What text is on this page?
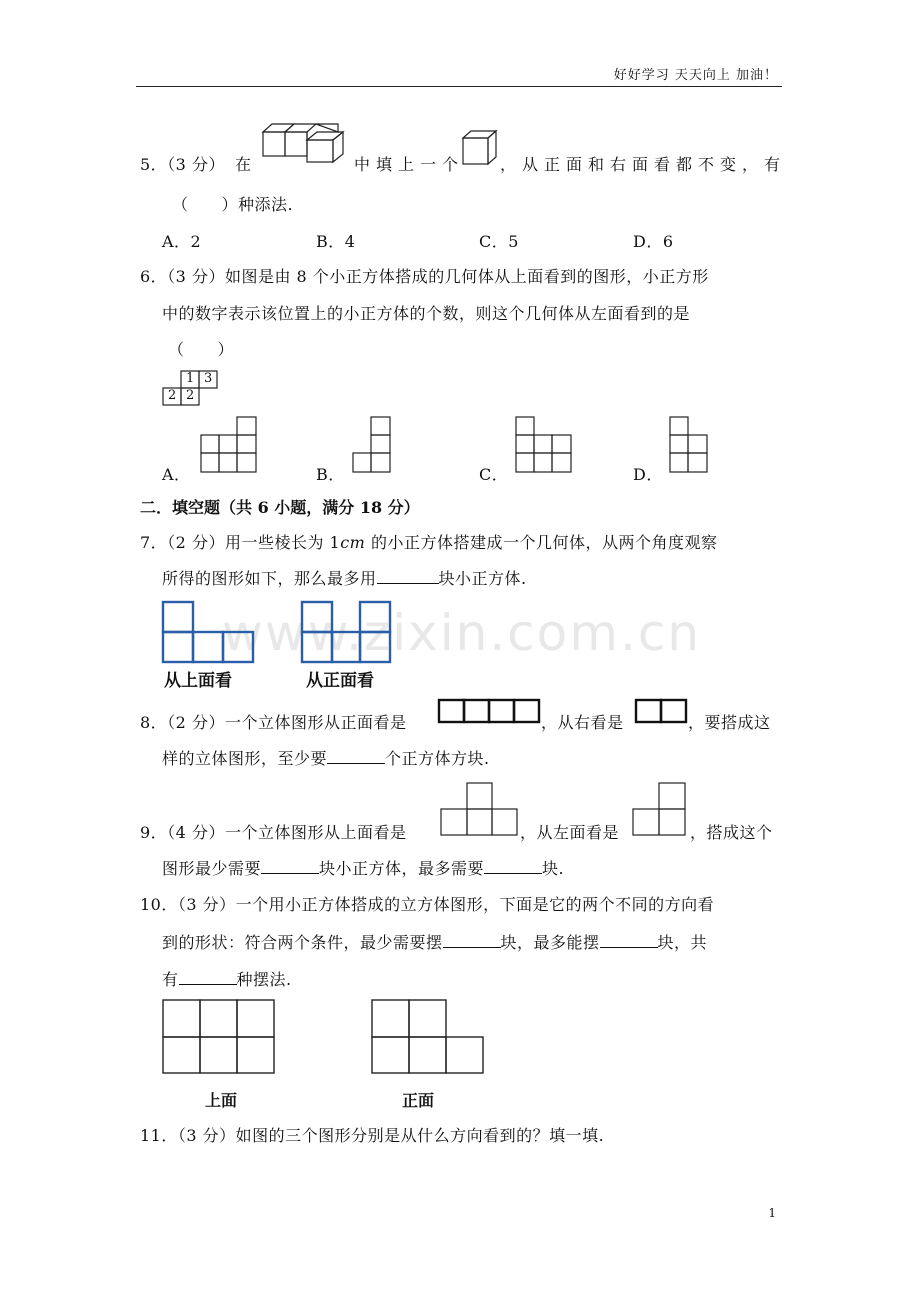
好好学习 天天向上 加油！
www.zixin.com.cn
5．（3 分） 在	中填上一个 ，从正面和右面看都不变，有
（　　）种添法.
A．2	B．4	C．5	D．6
6．（3 分）如图是由 8 个小正方体搭成的几何体从上面看到的图形，小正方形
中的数字表示该位置上的小正方体的个数，则这个几何体从左面看到的是
（　　）
1 3
2 2
A．	B．	C．	D．
二．填空题（共 6 小题，满分 18 分）
7．（2 分）用一些棱长为 1cm 的小正方体搭建成一个几何体，从两个角度观察
所得的图形如下，那么最多用	块小正方体.
从上面看	从正面看
8．（2 分）一个立体图形从正面看是	，从右看是	，要搭成这
样的立体图形，至少要	个正方体方块.
9．（4 分）一个立体图形从上面看是	，从左面看是	，搭成这个
图形最少需要	块小正方体，最多需要	块.
10．（3 分）一个用小正方体搭成的立方体图形，下面是它的两个不同的方向看
到的形状：符合两个条件，最少需要摆	块，最多能摆	块，共
有	种摆法.
上面	正面
11．（3 分）如图的三个图形分别是从什么方向看到的？填一填.
1
